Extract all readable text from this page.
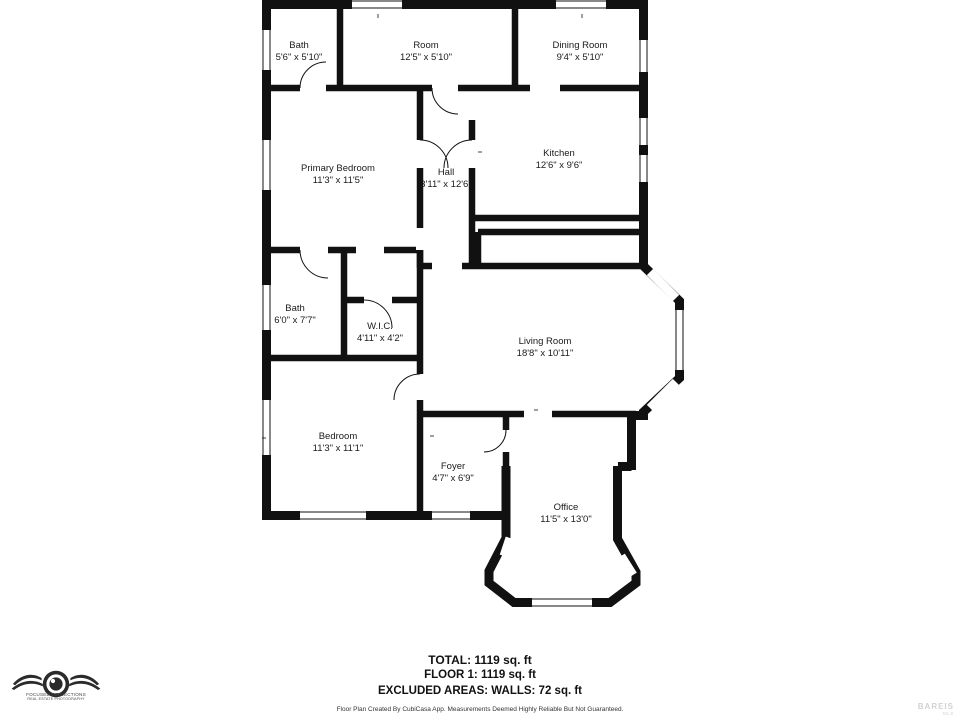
Bath
5'6" x 5'10"
Room
12'5" x 5'10"
Dining Room
9'4" x 5'10"
Kitchen
12'6" x 9'6"
Primary Bedroom
11'3" x 11'5"
Hall
3'11" x 12'6"
Bath
6'0" x 7'7"
W.I.C.
4'11" x 4'2"	Living Room
18'8" x 10'11"
Bedroom
11'3" x 11'1"
Foyer
4'7" x 6'9"
Office
11'5" x 13'0"
TOTAL: 1119 sq. ft
FLOOR 1: 1119 sq. ft
EXCLUDED AREAS: WALLS: 72 sq. ft
Floor Plan Created By CubiCasa App. Measurements Deemed Highly Reliable But Not Guaranteed.
FOCUSED REFLECTIONS
REAL ESTATE PHOTOGRAPHY
BAREIS
MLS
